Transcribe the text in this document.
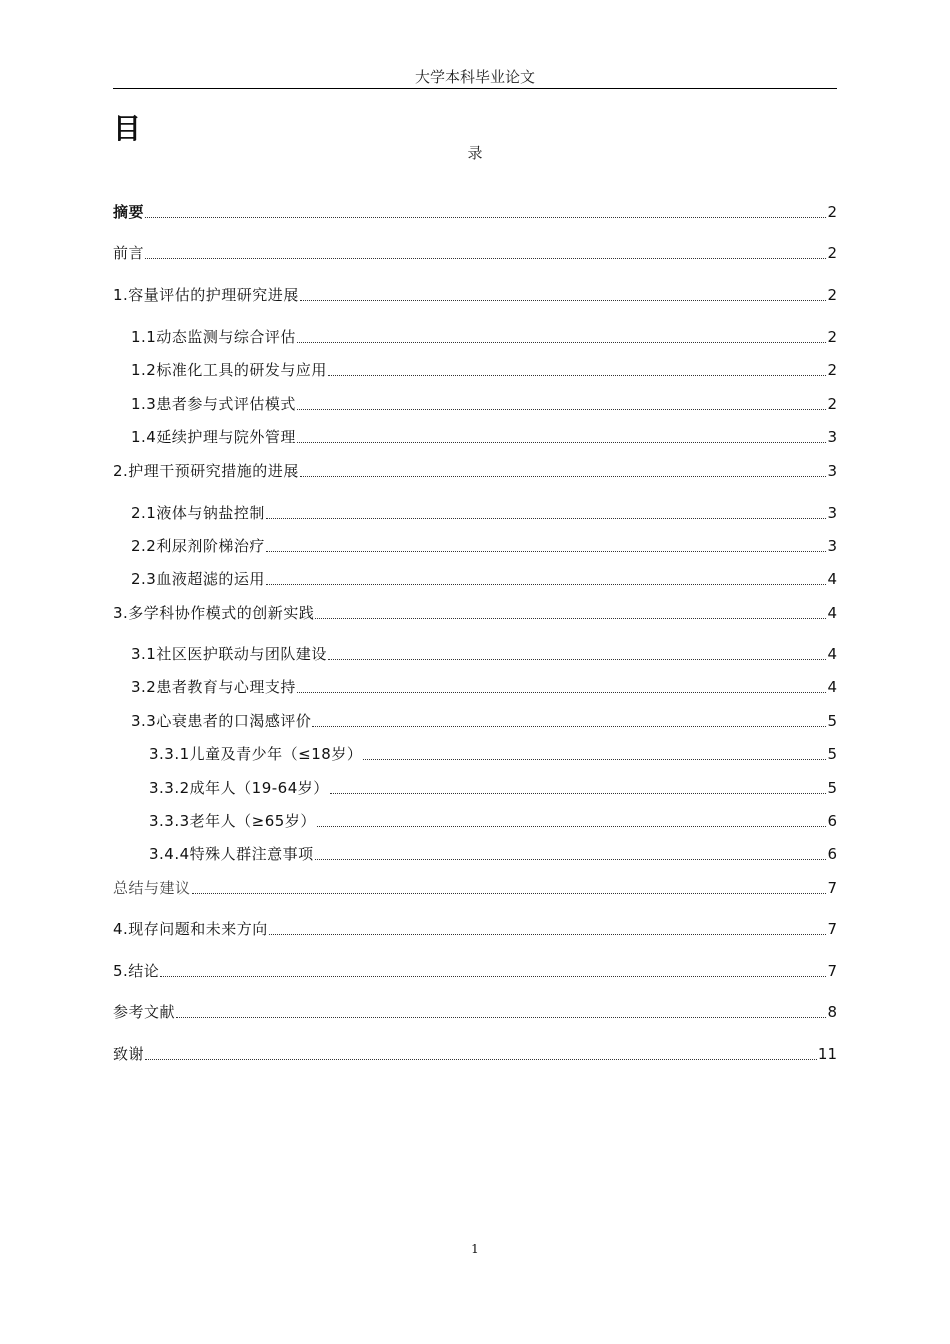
大学本科毕业论文
目
录
摘要	2
前言	2
1.容量评估的护理研究进展	2
1.1动态监测与综合评估	2
1.2标准化工具的研发与应用	2
1.3患者参与式评估模式	2
1.4延续护理与院外管理	3
2.护理干预研究措施的进展	3
2.1液体与钠盐控制	3
2.2利尿剂阶梯治疗	3
2.3血液超滤的运用	4
3.多学科协作模式的创新实践	4
3.1社区医护联动与团队建设	4
3.2患者教育与心理支持	4
3.3心衰患者的口渴感评价	5
3.3.1儿童及青少年（≤18岁）	5
3.3.2成年人（19-64岁）	5
3.3.3老年人（≥65岁）	6
3.4.4特殊人群注意事项	6
总结与建议	7
4.现存问题和未来方向	7
5.结论	7
参考文献	8
致谢	11
1
